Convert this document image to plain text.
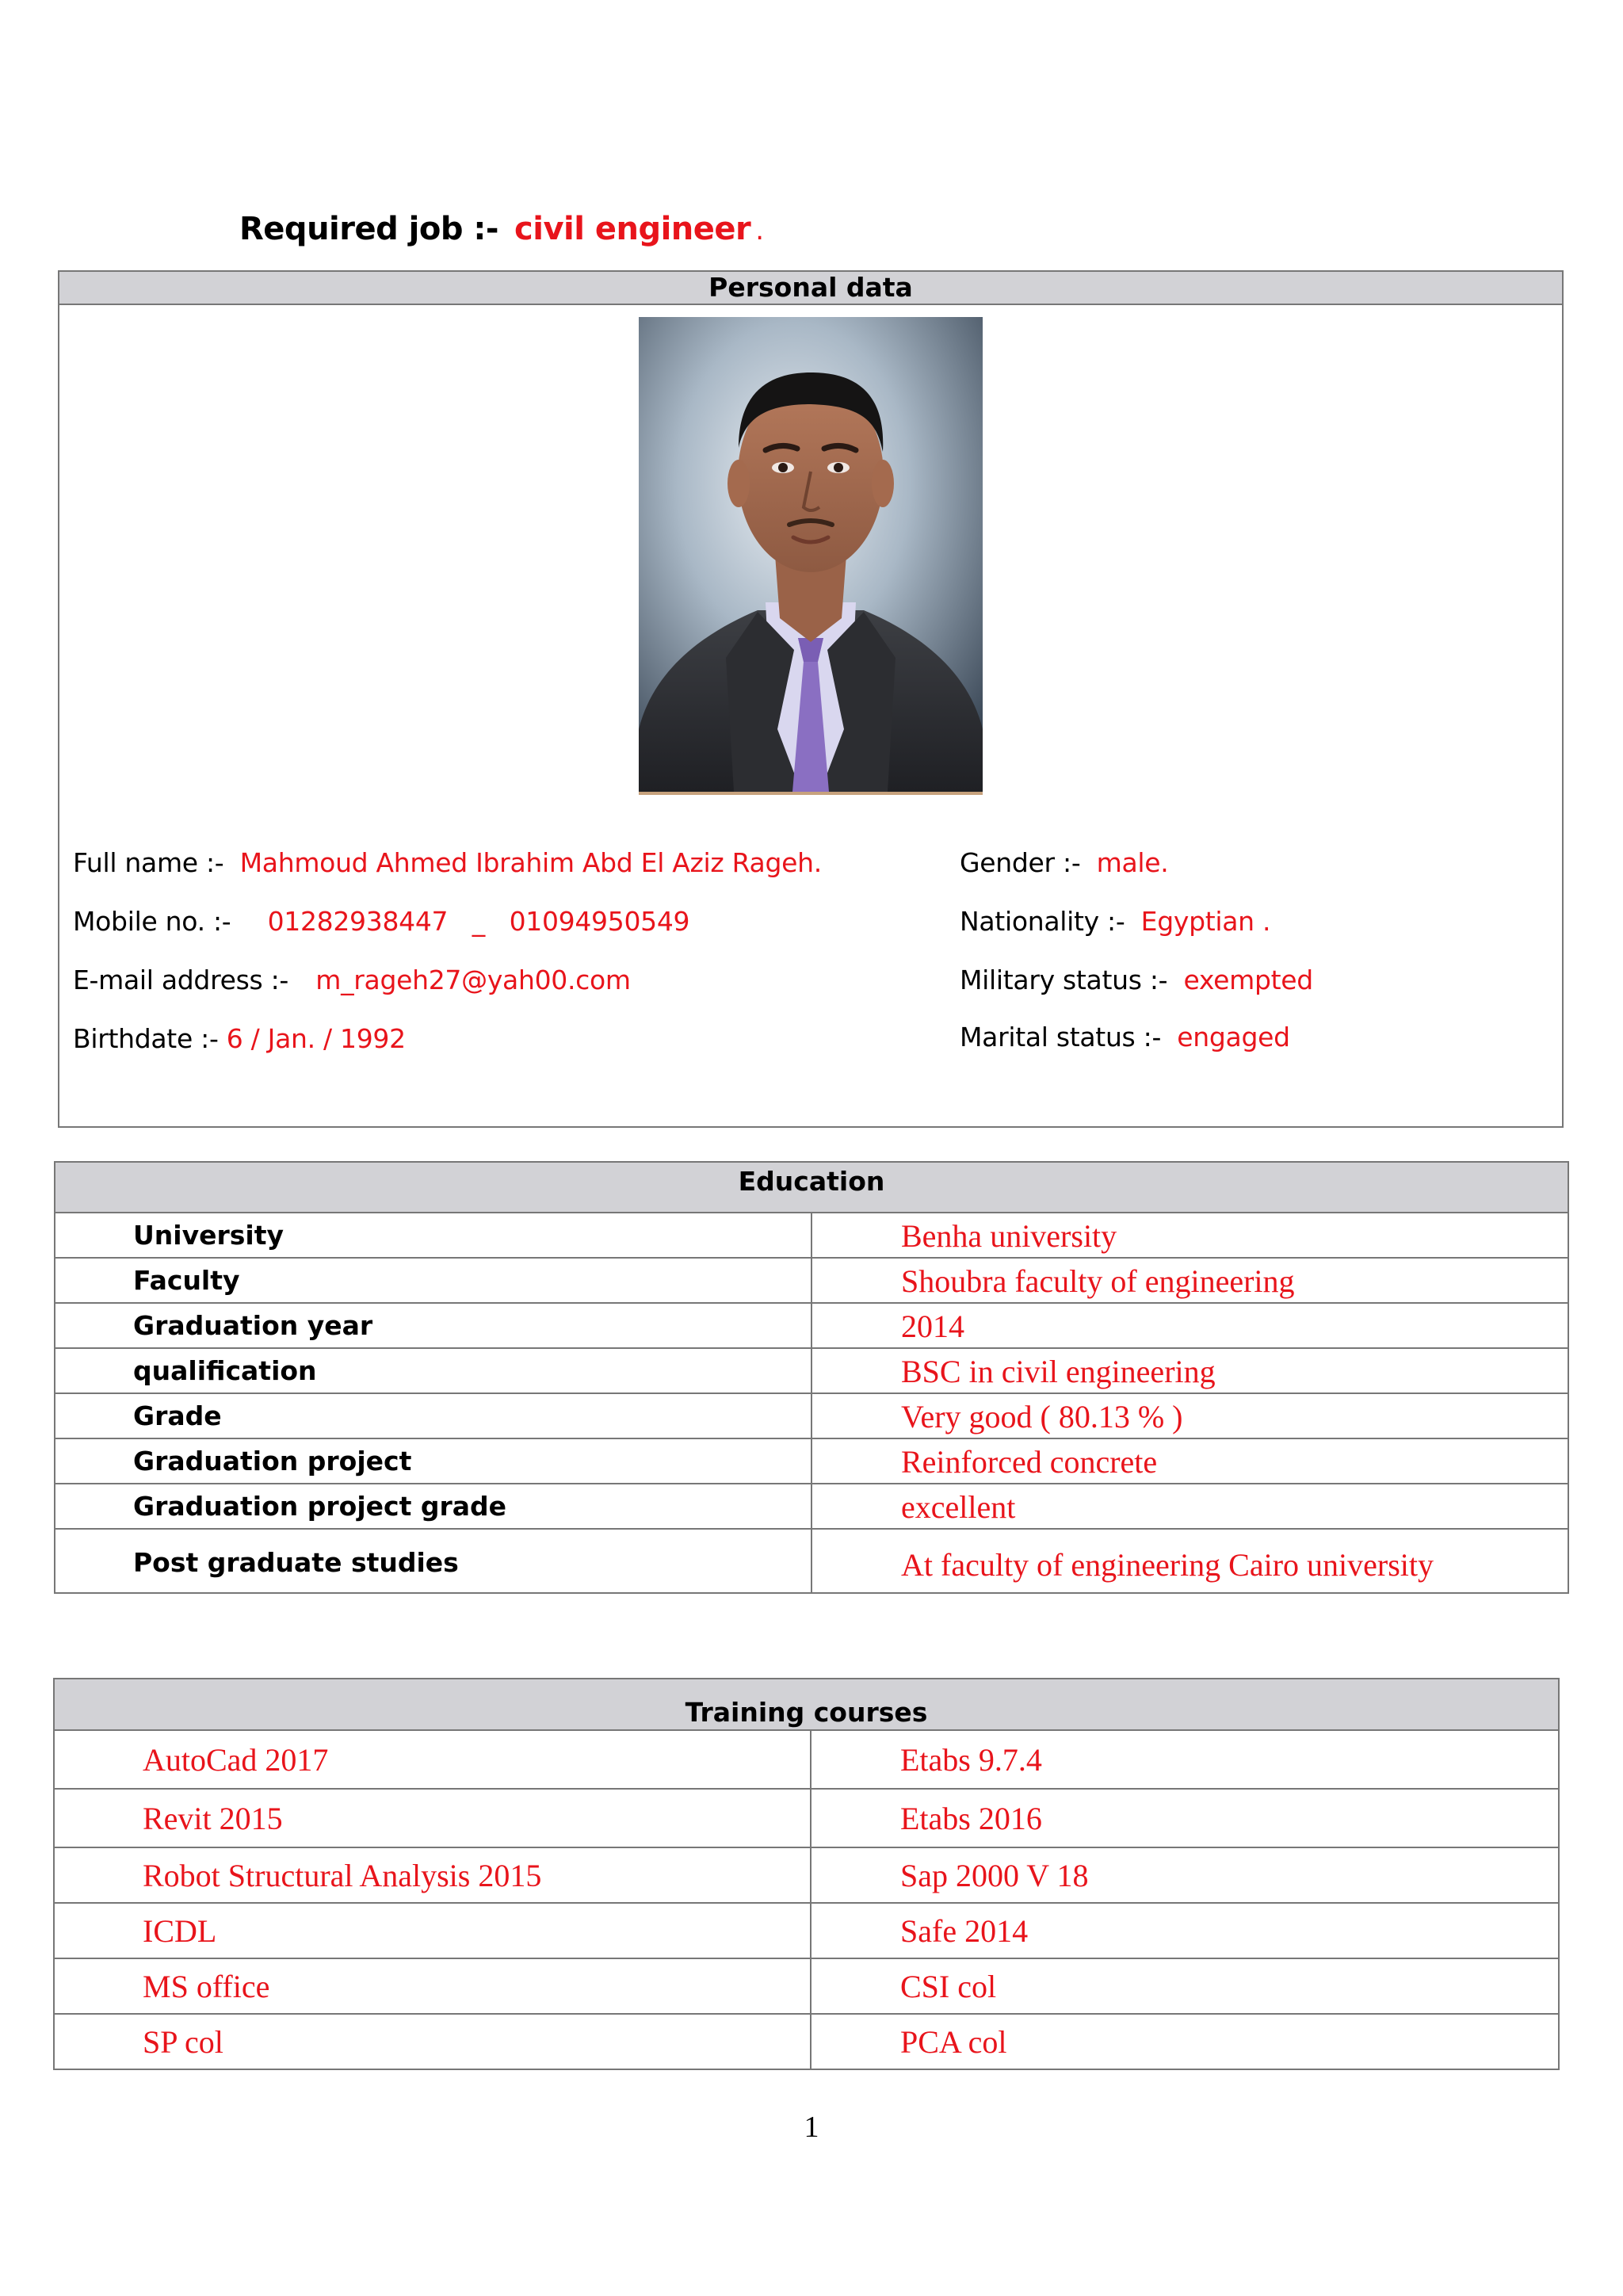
Required job :- civil engineer .
Personal data
Full name :- Mahmoud Ahmed Ibrahim Abd El Aziz Rageh.
Mobile no. :- 01282938447   _   01094950549
E-mail address :- m_rageh27@yah00.com
Birthdate :- 6 / Jan. / 1992
Gender :- male.
Nationality :- Egyptian .
Military status :- exempted
Marital status :- engaged
Education	
University	Benha university
Faculty	Shoubra faculty of engineering
Graduation year	2014
qualification	BSC in civil engineering
Grade	Very good ( 80.13 % )
Graduation project	Reinforced concrete
Graduation project grade	excellent
Post graduate studies	At faculty of engineering Cairo university
Training courses	
AutoCad 2017	Etabs 9.7.4
Revit 2015	Etabs 2016
Robot Structural Analysis 2015	Sap 2000 V 18
ICDL	Safe 2014
MS office	CSI col
SP col	PCA col
1
